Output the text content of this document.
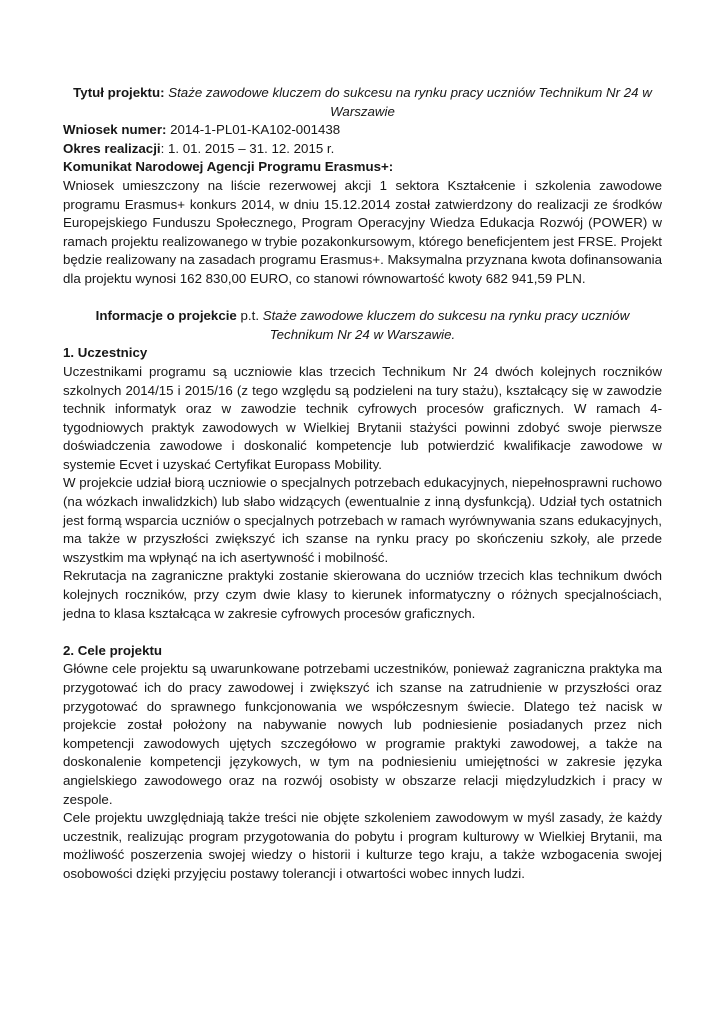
Tytuł projektu: Staże zawodowe kluczem do sukcesu na rynku pracy uczniów Technikum Nr 24 w Warszawie

Wniosek numer: 2014-1-PL01-KA102-001438

Okres realizacji: 1. 01. 2015 – 31. 12. 2015 r.

Komunikat Narodowej Agencji Programu Erasmus+:

Wniosek umieszczony na liście rezerwowej akcji 1 sektora Kształcenie i szkolenia zawodowe programu Erasmus+ konkurs 2014, w dniu 15.12.2014 został zatwierdzony do realizacji ze środków Europejskiego Funduszu Społecznego, Program Operacyjny Wiedza Edukacja Rozwój (POWER) w ramach projektu realizowanego w trybie pozakonkursowym, którego beneficjentem jest FRSE. Projekt będzie realizowany na zasadach programu Erasmus+. Maksymalna przyznana kwota dofinansowania dla projektu wynosi 162 830,00 EURO, co stanowi równowartość kwoty 682 941,59 PLN.

Informacje o projekcie p.t. Staże zawodowe kluczem do sukcesu na rynku pracy uczniów Technikum Nr 24 w Warszawie.

1. Uczestnicy

Uczestnikami programu są uczniowie klas trzecich Technikum Nr 24 dwóch kolejnych roczników szkolnych 2014/15 i 2015/16 (z tego względu są podzieleni na tury stażu), kształcący się w zawodzie technik informatyk oraz w zawodzie technik cyfrowych procesów graficznych. W ramach 4- tygodniowych praktyk zawodowych w Wielkiej Brytanii stażyści powinni zdobyć swoje pierwsze doświadczenia zawodowe i doskonalić kompetencje lub potwierdzić kwalifikacje zawodowe w systemie Ecvet i uzyskać Certyfikat Europass Mobility.

W projekcie udział biorą uczniowie o specjalnych potrzebach edukacyjnych, niepełnosprawni ruchowo (na wózkach inwalidzkich) lub słabo widzących (ewentualnie z inną dysfunkcją). Udział tych ostatnich jest formą wsparcia uczniów o specjalnych potrzebach w ramach wyrównywania szans edukacyjnych, ma także w przyszłości zwiększyć ich szanse na rynku pracy po skończeniu szkoły, ale przede wszystkim ma wpłynąć na ich asertywność i mobilność.

Rekrutacja na zagraniczne praktyki zostanie skierowana do uczniów trzecich klas technikum dwóch kolejnych roczników, przy czym dwie klasy to kierunek informatyczny o różnych specjalnościach, jedna to klasa kształcąca w zakresie cyfrowych procesów graficznych.

2. Cele projektu

Główne cele projektu są uwarunkowane potrzebami uczestników, ponieważ zagraniczna praktyka ma przygotować ich do pracy zawodowej i zwiększyć ich szanse na zatrudnienie w przyszłości oraz przygotować do sprawnego funkcjonowania we współczesnym świecie. Dlatego też nacisk w projekcie został położony na nabywanie nowych lub podniesienie posiadanych przez nich kompetencji zawodowych ujętych szczegółowo w programie praktyki zawodowej, a także na doskonalenie kompetencji językowych, w tym na podniesieniu umiejętności w zakresie języka angielskiego zawodowego oraz na rozwój osobisty w obszarze relacji międzyludzkich i pracy w zespole.

Cele projektu uwzględniają także treści nie objęte szkoleniem zawodowym w myśl zasady, że każdy uczestnik, realizując program przygotowania do pobytu i program kulturowy w Wielkiej Brytanii, ma możliwość poszerzenia swojej wiedzy o historii i kulturze tego kraju, a także wzbogacenia swojej osobowości dzięki przyjęciu postawy tolerancji i otwartości wobec innych ludzi.
